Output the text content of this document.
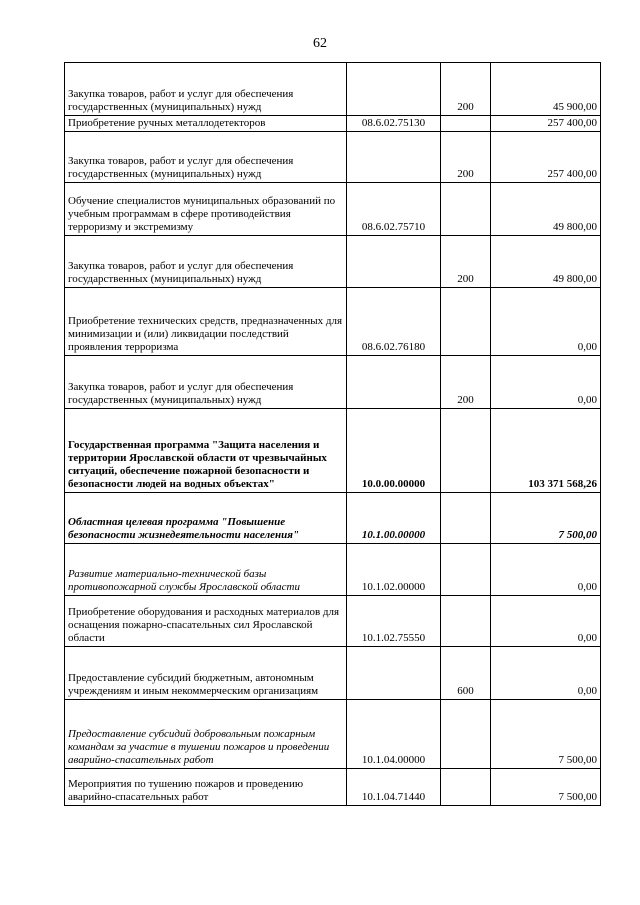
62
Закупка товаров, работ и услуг для обеспечения государственных (муниципальных) нужд		200	45 900,00
Приобретение ручных металлодетекторов	08.6.02.75130		257 400,00
Закупка товаров, работ и услуг для обеспечения государственных (муниципальных) нужд		200	257 400,00
Обучение специалистов муниципальных образований по учебным программам в сфере противодействия терроризму и экстремизму	08.6.02.75710		49 800,00
Закупка товаров, работ и услуг для обеспечения государственных (муниципальных) нужд		200	49 800,00
Приобретение технических средств, предназначенных для минимизации и (или) ликвидации последствий проявления терроризма	08.6.02.76180		0,00
Закупка товаров, работ и услуг для обеспечения государственных (муниципальных) нужд		200	0,00
Государственная программа "Защита населения и территории Ярославской области от чрезвычайных ситуаций, обеспечение пожарной безопасности и безопасности людей на водных объектах"	10.0.00.00000		103 371 568,26
Областная целевая программа "Повышение безопасности жизнедеятельности населения"	10.1.00.00000		7 500,00
Развитие материально-технической базы противопожарной службы Ярославской области	10.1.02.00000		0,00
Приобретение оборудования и расходных материалов для оснащения пожарно-спасательных сил Ярославской области	10.1.02.75550		0,00
Предоставление субсидий бюджетным, автономным учреждениям и иным некоммерческим организациям		600	0,00
Предоставление субсидий добровольным пожарным командам за участие в тушении пожаров и проведении аварийно-спасательных работ	10.1.04.00000		7 500,00
Мероприятия по тушению пожаров и проведению аварийно-спасательных работ	10.1.04.71440		7 500,00
